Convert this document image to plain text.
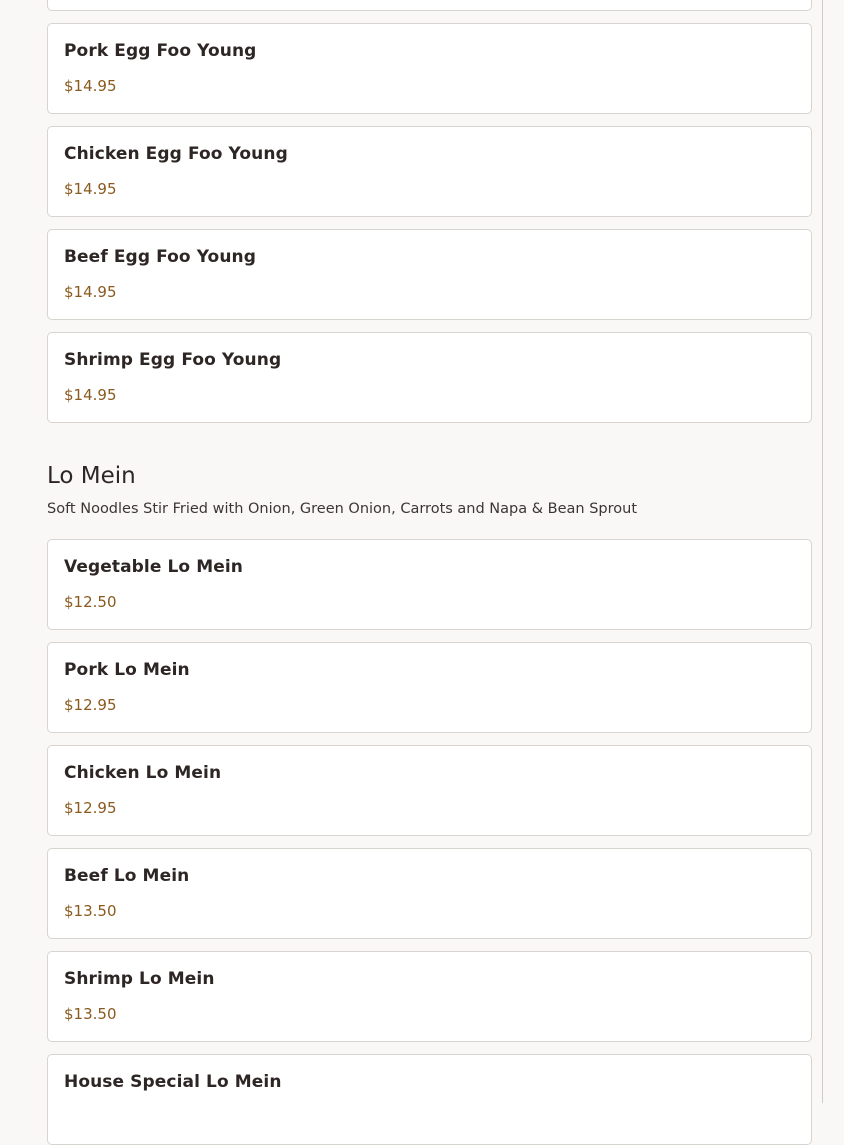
Pork Egg Foo Young
$14.95
Chicken Egg Foo Young
$14.95
Beef Egg Foo Young
$14.95
Shrimp Egg Foo Young
$14.95
Lo Mein
Soft Noodles Stir Fried with Onion, Green Onion, Carrots and Napa & Bean Sprout
Vegetable Lo Mein
$12.50
Pork Lo Mein
$12.95
Chicken Lo Mein
$12.95
Beef Lo Mein
$13.50
Shrimp Lo Mein
$13.50
House Special Lo Mein
